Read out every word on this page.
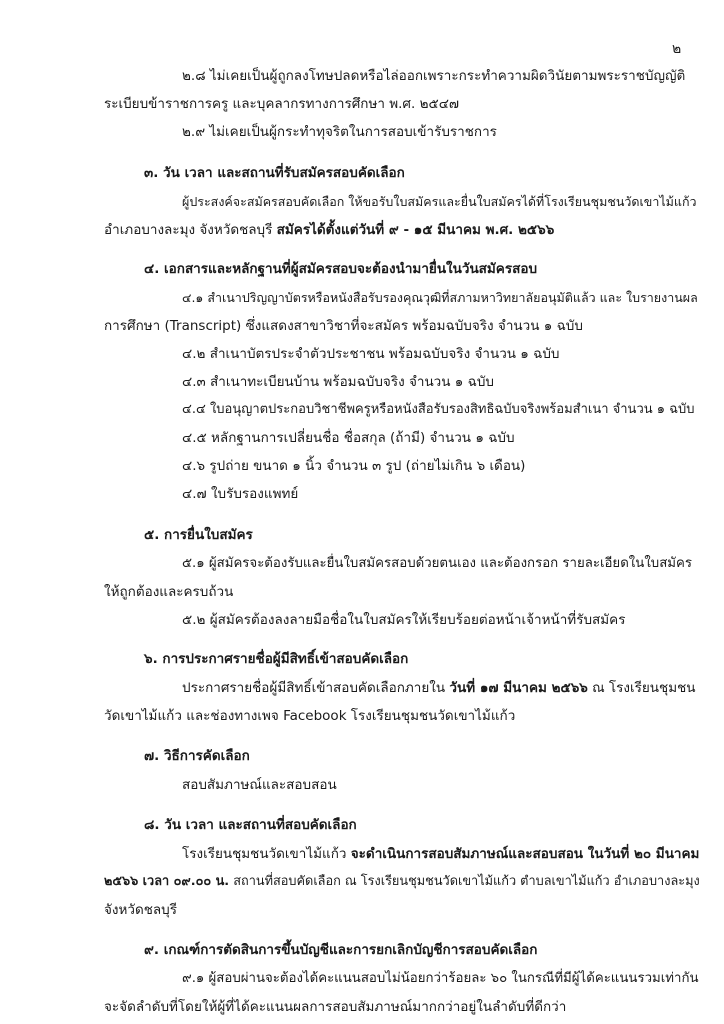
๒
๒.๘ ไม่เคยเป็นผู้ถูกลงโทษปลดหรือไล่ออกเพราะกระทำความผิดวินัยตามพระราชบัญญัติ
ระเบียบข้าราชการครู และบุคลากรทางการศึกษา พ.ศ. ๒๕๔๗
๒.๙ ไม่เคยเป็นผู้กระทำทุจริตในการสอบเข้ารับราชการ
๓. วัน เวลา และสถานที่รับสมัครสอบคัดเลือก
ผู้ประสงค์จะสมัครสอบคัดเลือก ให้ขอรับใบสมัครและยื่นใบสมัครได้ที่โรงเรียนชุมชนวัดเขาไม้แก้ว
อำเภอบางละมุง จังหวัดชลบุรี สมัครได้ตั้งแต่วันที่ ๙ - ๑๕ มีนาคม พ.ศ. ๒๕๖๖
๔. เอกสารและหลักฐานที่ผู้สมัครสอบจะต้องนำมายื่นในวันสมัครสอบ
๔.๑ สำเนาปริญญาบัตรหรือหนังสือรับรองคุณวุฒิที่สภามหาวิทยาลัยอนุมัติแล้ว และ ใบรายงานผล
การศึกษา (Transcript) ซึ่งแสดงสาขาวิชาที่จะสมัคร พร้อมฉบับจริง จำนวน ๑ ฉบับ
๔.๒ สำเนาบัตรประจำตัวประชาชน พร้อมฉบับจริง จำนวน ๑ ฉบับ
๔.๓ สำเนาทะเบียนบ้าน พร้อมฉบับจริง จำนวน ๑ ฉบับ
๔.๔ ใบอนุญาตประกอบวิชาชีพครูหรือหนังสือรับรองสิทธิฉบับจริงพร้อมสำเนา จำนวน ๑ ฉบับ
๔.๕ หลักฐานการเปลี่ยนชื่อ ชื่อสกุล (ถ้ามี) จำนวน ๑ ฉบับ
๔.๖ รูปถ่าย ขนาด ๑ นิ้ว จำนวน ๓ รูป (ถ่ายไม่เกิน ๖ เดือน)
๔.๗ ใบรับรองแพทย์
๕. การยื่นใบสมัคร
๕.๑ ผู้สมัครจะต้องรับและยื่นใบสมัครสอบด้วยตนเอง และต้องกรอก รายละเอียดในใบสมัคร
ให้ถูกต้องและครบถ้วน
๕.๒ ผู้สมัครต้องลงลายมือชื่อในใบสมัครให้เรียบร้อยต่อหน้าเจ้าหน้าที่รับสมัคร
๖. การประกาศรายชื่อผู้มีสิทธิ์เข้าสอบคัดเลือก
ประกาศรายชื่อผู้มีสิทธิ์เข้าสอบคัดเลือกภายใน วันที่ ๑๗ มีนาคม ๒๕๖๖ ณ โรงเรียนชุมชน
วัดเขาไม้แก้ว และช่องทางเพจ Facebook โรงเรียนชุมชนวัดเขาไม้แก้ว
๗. วิธีการคัดเลือก
สอบสัมภาษณ์และสอบสอน
๘. วัน เวลา และสถานที่สอบคัดเลือก
โรงเรียนชุมชนวัดเขาไม้แก้ว จะดำเนินการสอบสัมภาษณ์และสอบสอน ในวันที่ ๒๐ มีนาคม
๒๕๖๖ เวลา ๐๙.๐๐ น. สถานที่สอบคัดเลือก ณ โรงเรียนชุมชนวัดเขาไม้แก้ว ตำบลเขาไม้แก้ว อำเภอบางละมุง
จังหวัดชลบุรี
๙. เกณฑ์การตัดสินการขึ้นบัญชีและการยกเลิกบัญชีการสอบคัดเลือก
๙.๑ ผู้สอบผ่านจะต้องได้คะแนนสอบไม่น้อยกว่าร้อยละ ๖๐ ในกรณีที่มีผู้ได้คะแนนรวมเท่ากัน
จะจัดลำดับที่โดยให้ผู้ที่ได้คะแนนผลการสอบสัมภาษณ์มากกว่าอยู่ในลำดับที่ดีกว่า
